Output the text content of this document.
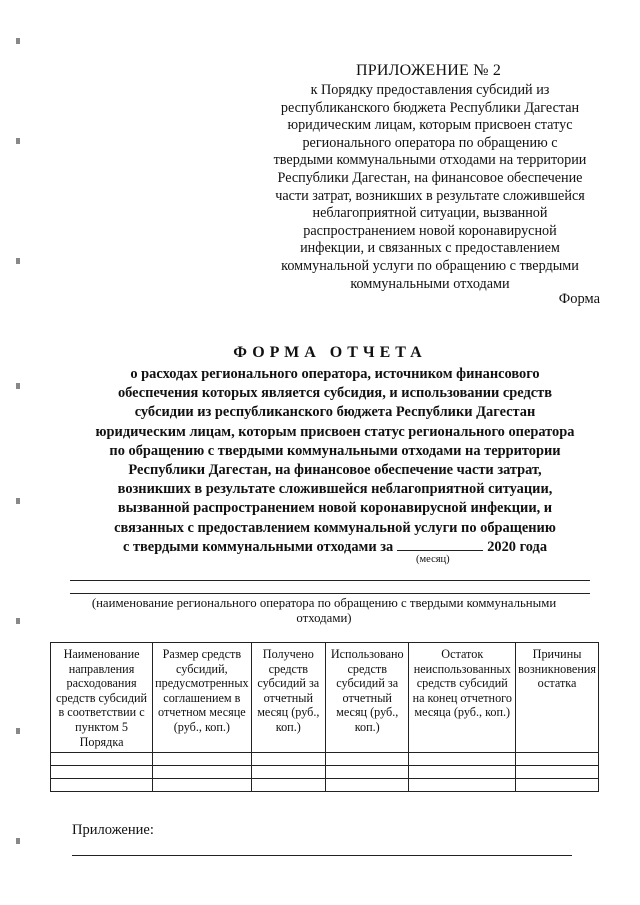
ПРИЛОЖЕНИЕ № 2
к Порядку предоставления субсидий из
республиканского бюджета Республики Дагестан
юридическим лицам, которым присвоен статус
регионального оператора по обращению с
твердыми коммунальными отходами на территории
Республики Дагестан, на финансовое обеспечение
части затрат, возникших в результате сложившейся
неблагоприятной ситуации, вызванной
распространением новой коронавирусной
инфекции, и связанных с предоставлением
коммунальной услуги по обращению с твердыми
коммунальными отходами
Форма
ФОРМА ОТЧЕТА
о расходах регионального оператора, источником финансового
обеспечения которых является субсидия, и использовании средств
субсидии из республиканского бюджета Республики Дагестан
юридическим лицам, которым присвоен статус регионального оператора
по обращению с твердыми коммунальными отходами на территории
Республики Дагестан, на финансовое обеспечение части затрат,
возникших в результате сложившейся неблагоприятной ситуации,
вызванной распространением новой коронавирусной инфекции, и
связанных с предоставлением коммунальной услуги по обращению
с твердыми коммунальными отходами за	2020 года
(месяц)
(наименование регионального оператора по обращению с твердыми коммунальными отходами)
Наименование направления расходования средств субсидий в соответствии с пунктом 5 Порядка	Размер средств субсидий, предусмотренных соглашением в отчетном месяце (руб., коп.)	Получено средств субсидий за отчетный месяц (руб., коп.)	Использовано средств субсидий за отчетный месяц (руб., коп.)	Остаток неиспользованных средств субсидий на конец отчетного месяца (руб., коп.)	Причины возникновения остатка

Приложение:
